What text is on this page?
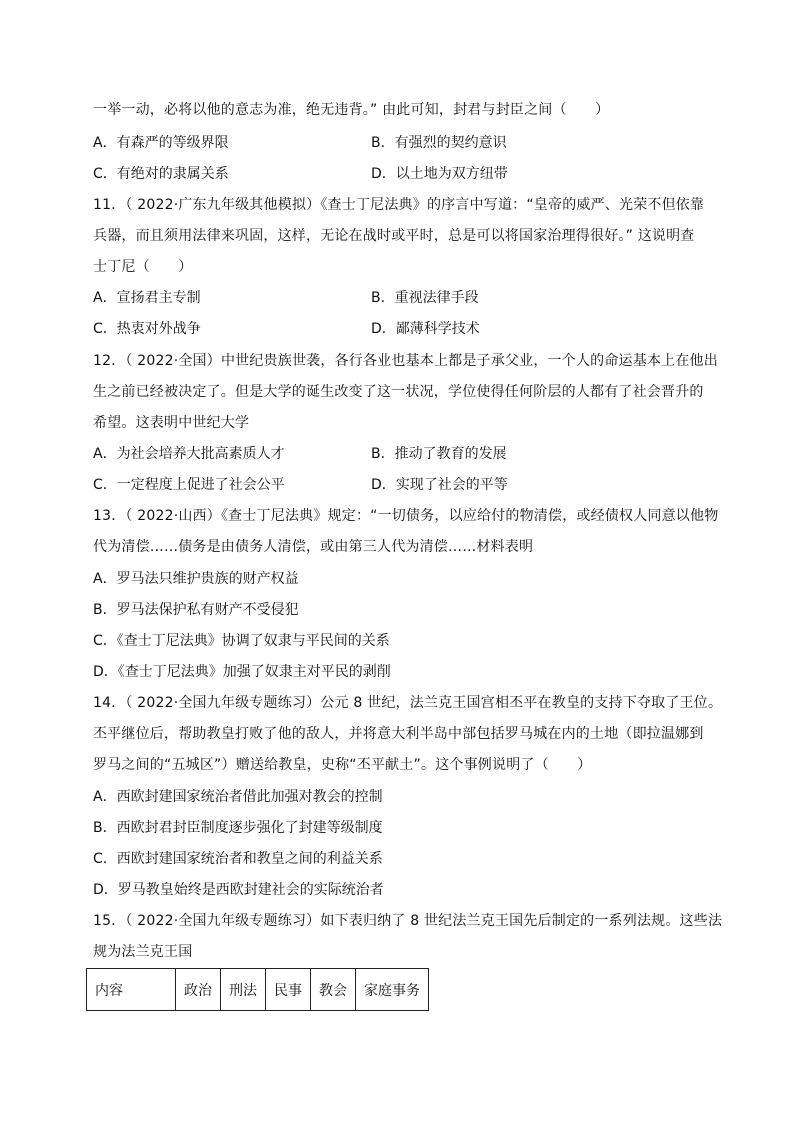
一举一动，必将以他的意志为准，绝无违背。” 由此可知，封君与封臣之间（　　）
A．有森严的等级界限	B．有强烈的契约意识
C．有绝对的隶属关系	D．以土地为双方纽带
11．（ 2022·广东九年级其他模拟）《查士丁尼法典》的序言中写道：“皇帝的威严、光荣不但依靠
兵器，而且须用法律来巩固，这样，无论在战时或平时，总是可以将国家治理得很好。” 这说明查
士丁尼（　　）
A．宣扬君主专制	B．重视法律手段
C．热衷对外战争	D．鄙薄科学技术
12．（ 2022·全国）中世纪贵族世袭，各行各业也基本上都是子承父业，一个人的命运基本上在他出
生之前已经被决定了。但是大学的诞生改变了这一状况，学位使得任何阶层的人都有了社会晋升的
希望。这表明中世纪大学
A．为社会培养大批高素质人才	B．推动了教育的发展
C．一定程度上促进了社会公平	D．实现了社会的平等
13．（ 2022·山西）《查士丁尼法典》规定：“一切债务，以应给付的物清偿，或经债权人同意以他物
代为清偿……债务是由债务人清偿，或由第三人代为清偿……材料表明
A．罗马法只维护贵族的财产权益
B．罗马法保护私有财产不受侵犯
C．《查士丁尼法典》协调了奴隶与平民间的关系
D．《查士丁尼法典》加强了奴隶主对平民的剥削
14．（ 2022·全国九年级专题练习）公元 8 世纪，法兰克王国宫相丕平在教皇的支持下夺取了王位。
丕平继位后，帮助教皇打败了他的敌人，并将意大利半岛中部包括罗马城在内的土地（即拉温娜到
罗马之间的“五城区”）赠送给教皇，史称“丕平献土”。这个事例说明了（　　）
A．西欧封建国家统治者借此加强对教会的控制
B．西欧封君封臣制度逐步强化了封建等级制度
C．西欧封建国家统治者和教皇之间的利益关系
D．罗马教皇始终是西欧封建社会的实际统治者
15．（ 2022·全国九年级专题练习）如下表归纳了 8 世纪法兰克王国先后制定的一系列法规。这些法
规为法兰克王国
内容	政治	刑法	民事	教会	家庭事务
